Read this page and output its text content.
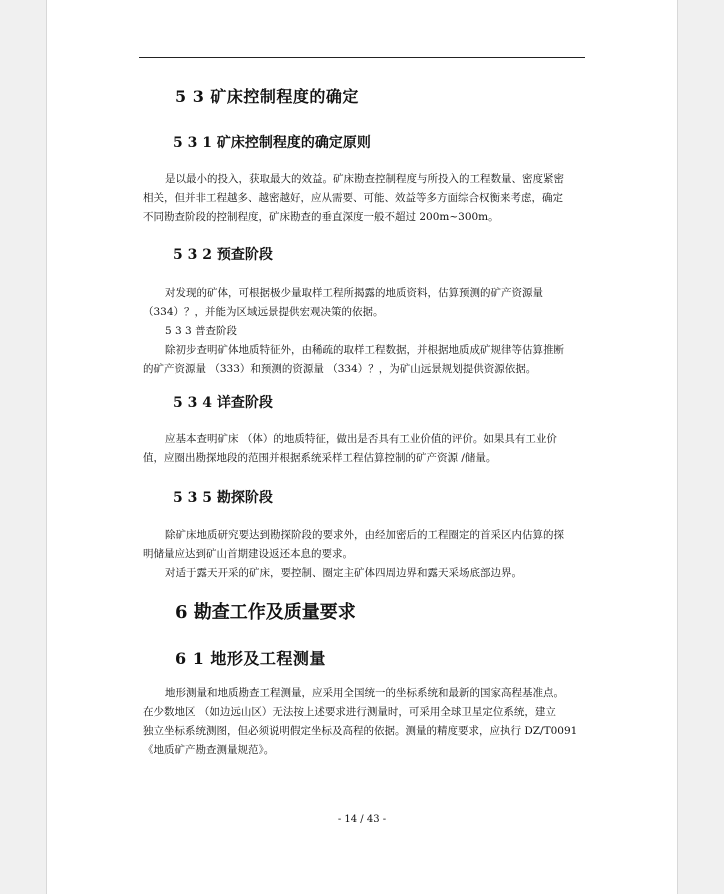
5 3 矿床控制程度的确定
5 3 1 矿床控制程度的确定原则
是以最小的投入，获取最大的效益。矿床勘查控制程度与所投入的工程数量、密度紧密
相关，但并非工程越多、越密越好，应从需要、可能、效益等多方面综合权衡来考虑，确定
不同勘查阶段的控制程度，矿床勘查的垂直深度一般不超过 200m~300m。
5 3 2 预查阶段
对发现的矿体，可根据极少量取样工程所揭露的地质资料，估算预测的矿产资源量
（334）？，并能为区域远景提供宏观决策的依据。
5 3 3 普查阶段
除初步查明矿体地质特征外，由稀疏的取样工程数据，并根据地质成矿规律等估算推断
的矿产资源量 （333）和预测的资源量 （334）？，为矿山远景规划提供资源依据。
5 3 4 详查阶段
应基本查明矿床 （体）的地质特征，做出是否具有工业价值的评价。如果具有工业价
值，应圈出勘探地段的范围并根据系统采样工程估算控制的矿产资源 /储量。
5 3 5 勘探阶段
除矿床地质研究要达到勘探阶段的要求外，由经加密后的工程圈定的首采区内估算的探
明储量应达到矿山首期建设返还本息的要求。
对适于露天开采的矿床，要控制、圈定主矿体四周边界和露天采场底部边界。
6 勘查工作及质量要求
6 1 地形及工程测量
地形测量和地质勘查工程测量，应采用全国统一的坐标系统和最新的国家高程基准点。
在少数地区 （如边远山区）无法按上述要求进行测量时，可采用全球卫星定位系统，建立
独立坐标系统测图，但必须说明假定坐标及高程的依据。测量的精度要求，应执行 DZ/T0091
《地质矿产勘查测量规范》。
- 14 / 43 -
